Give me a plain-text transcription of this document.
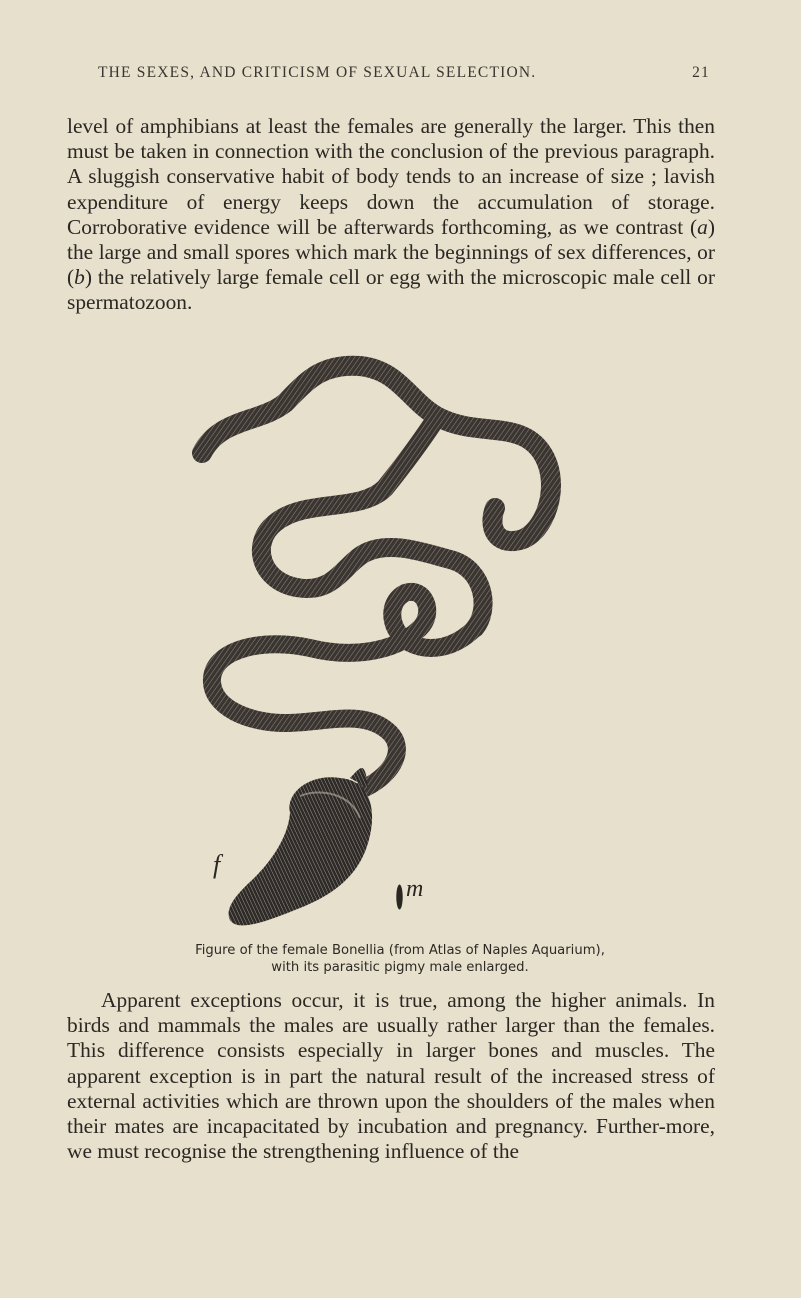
THE SEXES, AND CRITICISM OF SEXUAL SELECTION.	21

level of amphibians at least the females are generally the larger. This then must be taken in connection with the conclusion of the previous paragraph. A sluggish conservative habit of body tends to an increase of size ; lavish expenditure of energy keeps down the accumulation of storage. Corroborative evidence will be afterwards forthcoming, as we contrast (a) the large and small spores which mark the beginnings of sex differences, or (b) the relatively large female cell or egg with the microscopic male cell or spermatozoon.

f
m
Figure of the female Bonellia (from Atlas of Naples Aquarium),
with its parasitic pigmy male enlarged.

Apparent exceptions occur, it is true, among the higher animals. In birds and mammals the males are usually rather larger than the females. This difference consists especially in larger bones and muscles. The apparent exception is in part the natural result of the increased stress of external activities which are thrown upon the shoulders of the males when their mates are incapacitated by incubation and pregnancy. Further-more, we must recognise the strengthening influence of the
